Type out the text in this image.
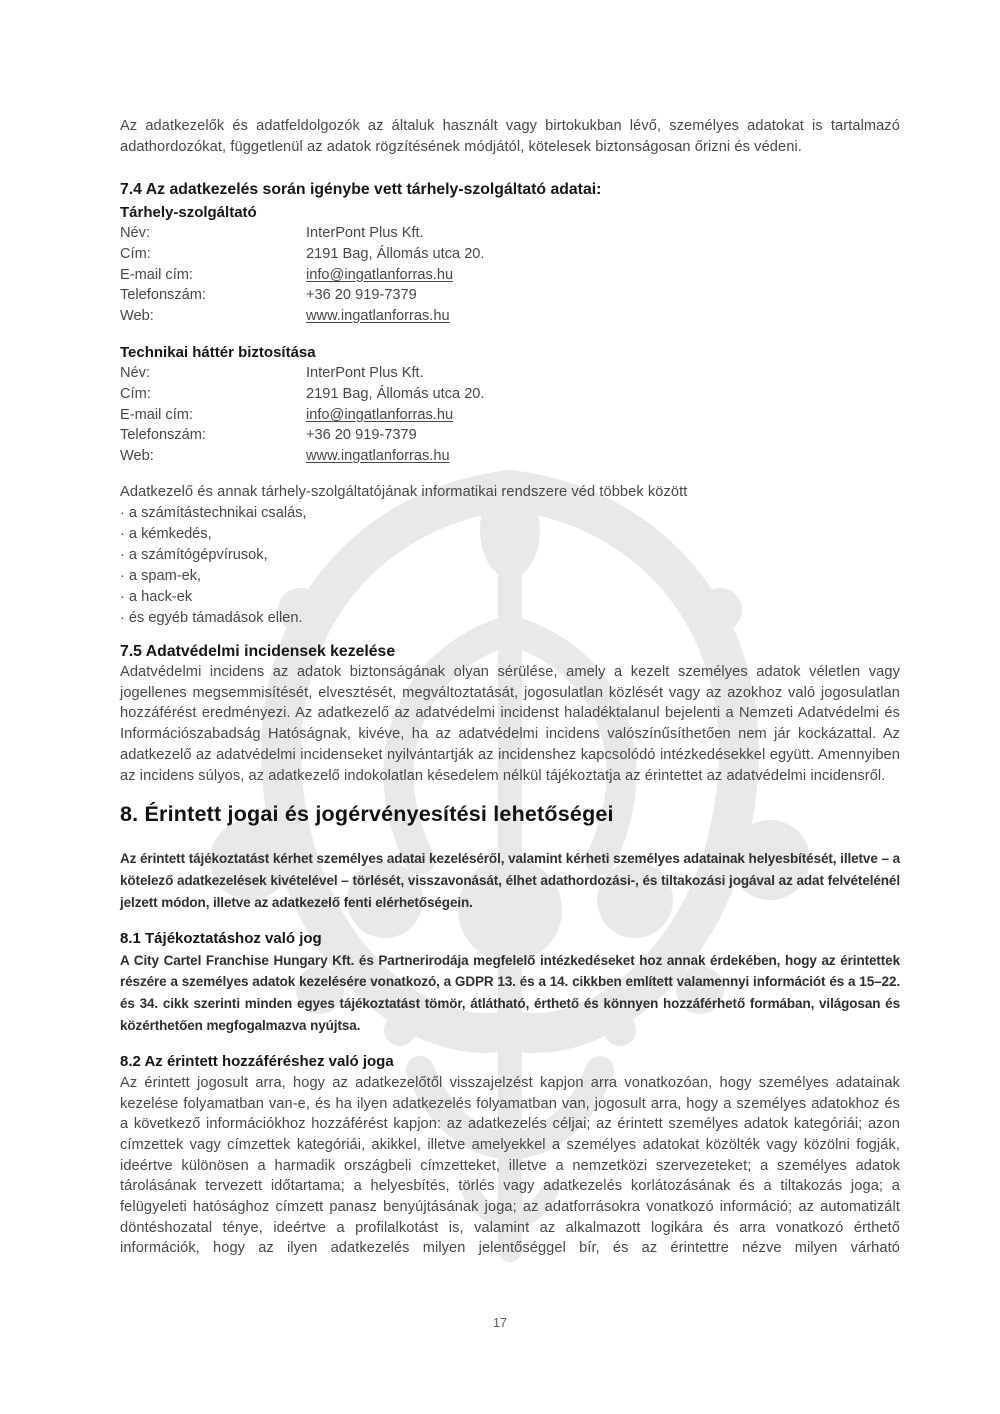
Az adatkezelők és adatfeldolgozók az általuk használt vagy birtokukban lévő, személyes adatokat is tartalmazó adathordozókat, függetlenül az adatok rögzítésének módjától, kötelesek biztonságosan őrizni és védeni.

7.4 Az adatkezelés során igénybe vett tárhely-szolgáltató adatai:

Tárhely-szolgáltató

Név:	InterPont Plus Kft.
Cím:	2191 Bag, Állomás utca 20.
E-mail cím:	info@ingatlanforras.hu
Telefonszám:	+36 20 919-7379
Web:	www.ingatlanforras.hu

Technikai háttér biztosítása

Név:	InterPont Plus Kft.
Cím:	2191 Bag, Állomás utca 20.
E-mail cím:	info@ingatlanforras.hu
Telefonszám:	+36 20 919-7379
Web:	www.ingatlanforras.hu

Adatkezelő és annak tárhely-szolgáltatójának informatikai rendszere véd többek között

· a számítástechnikai csalás,
· a kémkedés,
· a számítógépvírusok,
· a spam-ek,
· a hack-ek
· és egyéb támadások ellen.
7.5 Adatvédelmi incidensek kezelése

Adatvédelmi incidens az adatok biztonságának olyan sérülése, amely a kezelt személyes adatok véletlen vagy jogellenes megsemmisítését, elvesztését, megváltoztatását, jogosulatlan közlését vagy az azokhoz való jogosulatlan hozzáférést eredményezi. Az adatkezelő az adatvédelmi incidenst haladéktalanul bejelenti a Nemzeti Adatvédelmi és Információszabadság Hatóságnak, kivéve, ha az adatvédelmi incidens valószínűsíthetően nem jár kockázattal. Az adatkezelő az adatvédelmi incidenseket nyilvántartják az incidenshez kapcsolódó intézkedésekkel együtt. Amennyiben az incidens súlyos, az adatkezelő indokolatlan késedelem nélkül tájékoztatja az érintettet az adatvédelmi incidensről.

8. Érintett jogai és jogérvényesítési lehetőségei

Az érintett tájékoztatást kérhet személyes adatai kezeléséről, valamint kérheti személyes adatainak helyesbítését, illetve – a kötelező adatkezelések kivételével – törlését, visszavonását, élhet adathordozási-, és tiltakozási jogával az adat felvételénél jelzett módon, illetve az adatkezelő fenti elérhetőségein.

8.1 Tájékoztatáshoz való jog

A City Cartel Franchise Hungary Kft. és Partnerirodája megfelelő intézkedéseket hoz annak érdekében, hogy az érintettek részére a személyes adatok kezelésére vonatkozó, a GDPR 13. és a 14. cikkben említett valamennyi információt és a 15–22. és 34. cikk szerinti minden egyes tájékoztatást tömör, átlátható, érthető és könnyen hozzáférhető formában, világosan és közérthetően megfogalmazva nyújtsa.

8.2 Az érintett hozzáféréshez való joga

Az érintett jogosult arra, hogy az adatkezelőtől visszajelzést kapjon arra vonatkozóan, hogy személyes adatainak kezelése folyamatban van-e, és ha ilyen adatkezelés folyamatban van, jogosult arra, hogy a személyes adatokhoz és a következő információkhoz hozzáférést kapjon: az adatkezelés céljai; az érintett személyes adatok kategóriái; azon címzettek vagy címzettek kategóriái, akikkel, illetve amelyekkel a személyes adatokat közölték vagy közölni fogják, ideértve különösen a harmadik országbeli címzetteket, illetve a nemzetközi szervezeteket; a személyes adatok tárolásának tervezett időtartama; a helyesbítés, törlés vagy adatkezelés korlátozásának és a tiltakozás joga; a felügyeleti hatósághoz címzett panasz benyújtásának joga; az adatforrásokra vonatkozó információ; az automatizált döntéshozatal ténye, ideértve a profilalkotást is, valamint az alkalmazott logikára és arra vonatkozó érthető információk, hogy az ilyen adatkezelés milyen jelentőséggel bír, és az érintettre nézve milyen várható

17
